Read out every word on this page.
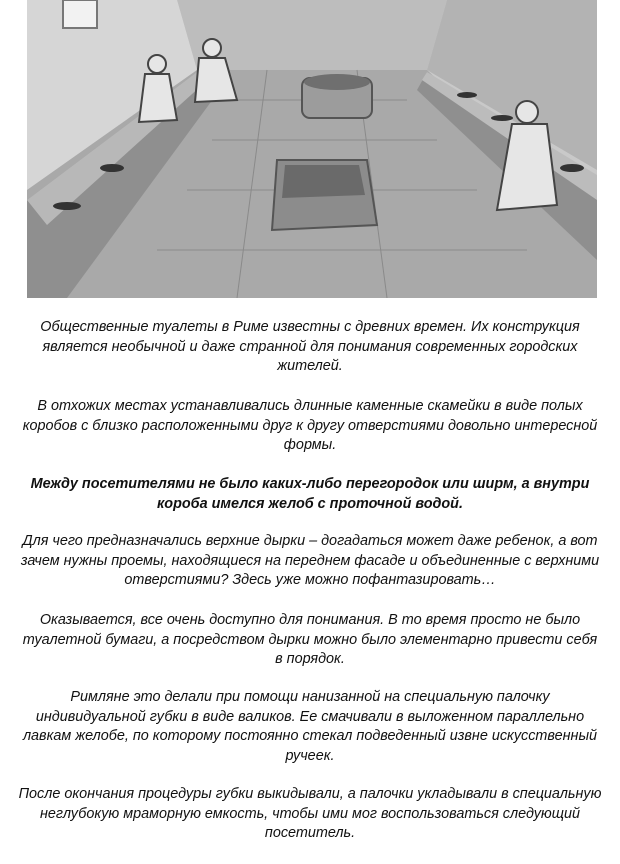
Общественные туалеты в Риме известны с древних времен. Их конструкция является необычной и даже странной для понимания современных городских жителей.
В отхожих местах устанавливались длинные каменные скамейки в виде полых коробов с близко расположенными друг к другу отверстиями довольно интересной формы.
Между посетителями не было каких-либо перегородок или ширм, а внутри короба имелся желоб с проточной водой.
Для чего предназначались верхние дырки – догадаться может даже ребенок, а вот зачем нужны проемы, находящиеся на переднем фасаде и объединенные с верхними отверстиями? Здесь уже можно пофантазировать…
Оказывается, все очень доступно для понимания. В то время просто не было туалетной бумаги, а посредством дырки можно было элементарно привести себя в порядок.
Римляне это делали при помощи нанизанной на специальную палочку индивидуальной губки в виде валиков. Ее смачивали в выложенном параллельно лавкам желобе, по которому постоянно стекал подведенный извне искусственный ручеек.
После окончания процедуры губки выкидывали, а палочки укладывали в специальную неглубокую мраморную емкость, чтобы ими мог воспользоваться следующий посетитель.
